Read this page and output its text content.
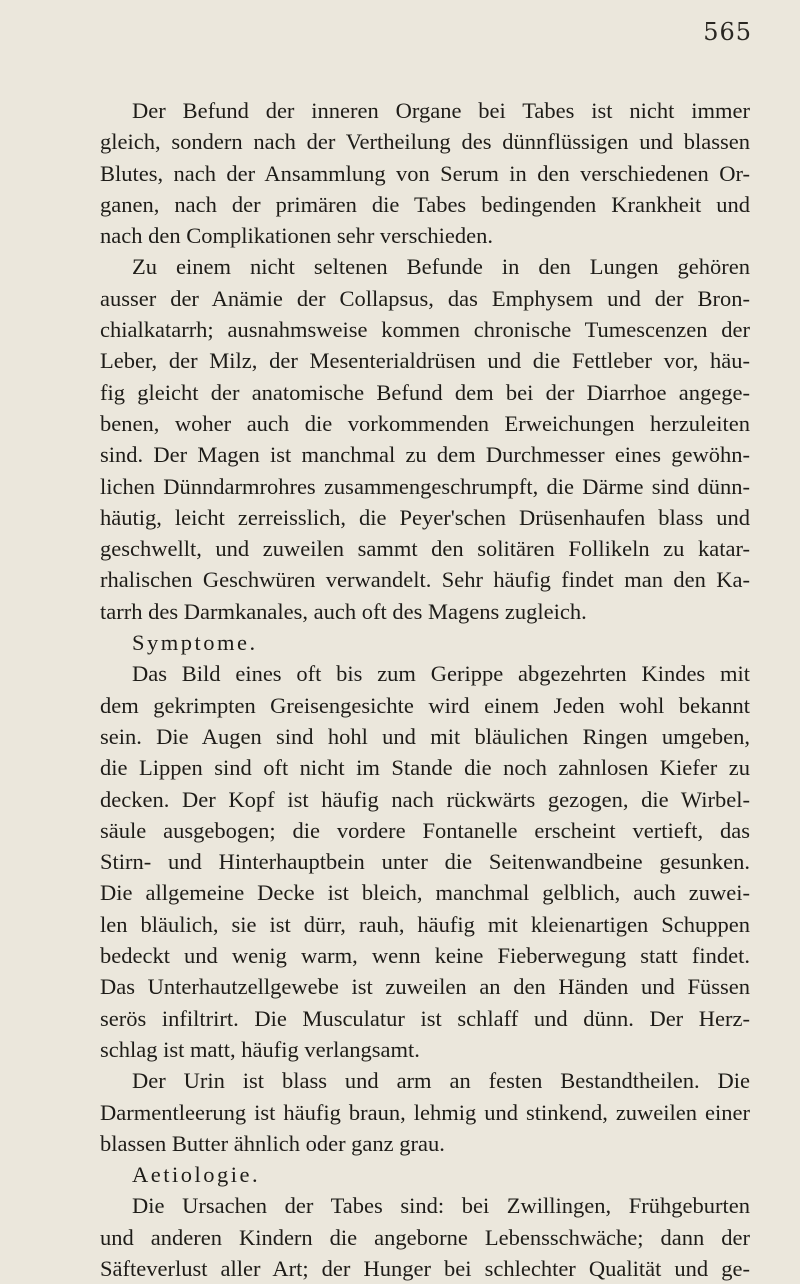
565
Der Befund der inneren Organe bei Tabes ist nicht immer
gleich, sondern nach der Vertheilung des dünnflüssigen und blassen
Blutes, nach der Ansammlung von Serum in den verschiedenen Or-
ganen, nach der primären die Tabes bedingenden Krankheit und
nach den Complikationen sehr verschieden.
Zu einem nicht seltenen Befunde in den Lungen gehören
ausser der Anämie der Collapsus, das Emphysem und der Bron-
chialkatarrh; ausnahmsweise kommen chronische Tumescenzen der
Leber, der Milz, der Mesenterialdrüsen und die Fettleber vor, häu-
fig gleicht der anatomische Befund dem bei der Diarrhoe angege-
benen, woher auch die vorkommenden Erweichungen herzuleiten
sind. Der Magen ist manchmal zu dem Durchmesser eines gewöhn-
lichen Dünndarmrohres zusammengeschrumpft, die Därme sind dünn-
häutig, leicht zerreisslich, die Peyer'schen Drüsenhaufen blass und
geschwellt, und zuweilen sammt den solitären Follikeln zu katar-
rhalischen Geschwüren verwandelt. Sehr häufig findet man den Ka-
tarrh des Darmkanales, auch oft des Magens zugleich.
Symptome.
Das Bild eines oft bis zum Gerippe abgezehrten Kindes mit
dem gekrimpten Greisengesichte wird einem Jeden wohl bekannt
sein. Die Augen sind hohl und mit bläulichen Ringen umgeben,
die Lippen sind oft nicht im Stande die noch zahnlosen Kiefer zu
decken. Der Kopf ist häufig nach rückwärts gezogen, die Wirbel-
säule ausgebogen; die vordere Fontanelle erscheint vertieft, das
Stirn- und Hinterhauptbein unter die Seitenwandbeine gesunken.
Die allgemeine Decke ist bleich, manchmal gelblich, auch zuwei-
len bläulich, sie ist dürr, rauh, häufig mit kleienartigen Schuppen
bedeckt und wenig warm, wenn keine Fieberwegung statt findet.
Das Unterhautzellgewebe ist zuweilen an den Händen und Füssen
serös infiltrirt. Die Musculatur ist schlaff und dünn. Der Herz-
schlag ist matt, häufig verlangsamt.
Der Urin ist blass und arm an festen Bestandtheilen. Die
Darmentleerung ist häufig braun, lehmig und stinkend, zuweilen einer
blassen Butter ähnlich oder ganz grau.
Aetiologie.
Die Ursachen der Tabes sind: bei Zwillingen, Frühgeburten
und anderen Kindern die angeborne Lebensschwäche; dann der
Säfteverlust aller Art; der Hunger bei schlechter Qualität und ge-
